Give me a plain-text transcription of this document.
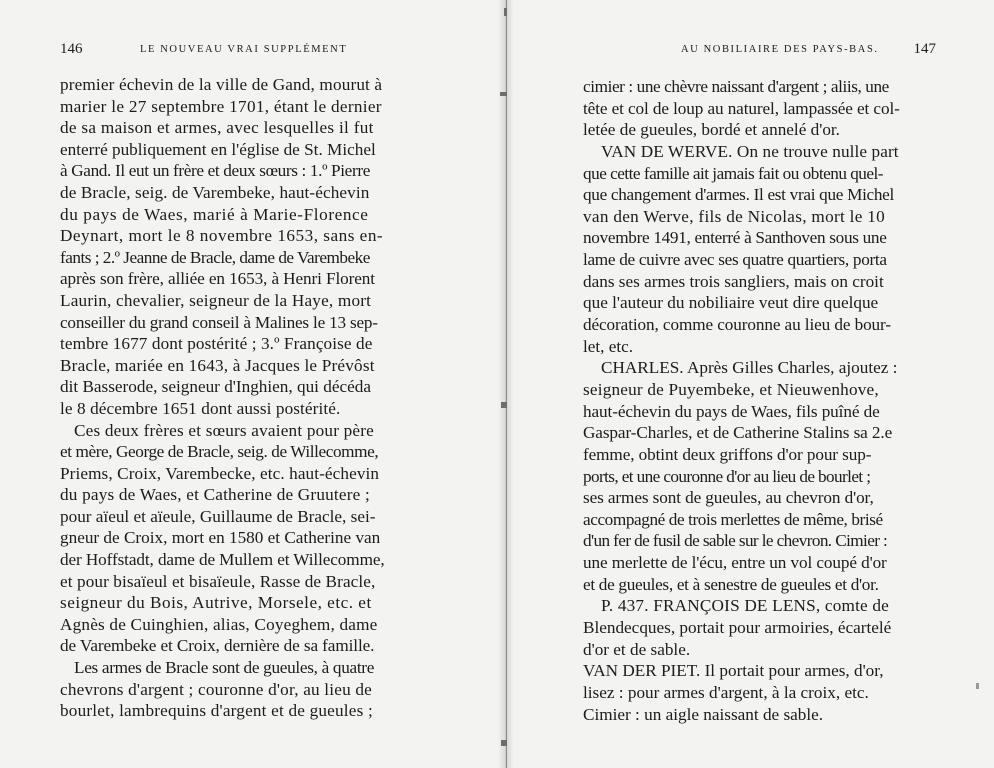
146	LE NOUVEAU VRAI SUPPLÉMENT
premier échevin de la ville de Gand, mourut à
marier le 27 septembre 1701, étant le dernier
de sa maison et armes, avec lesquelles il fut
enterré publiquement en l'église de St. Michel
à Gand. Il eut un frère et deux sœurs : 1.º Pierre
de Bracle, seig. de Varembeke, haut-échevin
du pays de Waes, marié à Marie-Florence
Deynart, mort le 8 novembre 1653, sans en-
fants ; 2.º Jeanne de Bracle, dame de Varembeke
après son frère, alliée en 1653, à Henri Florent
Laurin, chevalier, seigneur de la Haye, mort
conseiller du grand conseil à Malines le 13 sep-
tembre 1677 dont postérité ; 3.º Françoise de
Bracle, mariée en 1643, à Jacques le Prévôst
dit Basserode, seigneur d'Inghien, qui décéda
le 8 décembre 1651 dont aussi postérité.
Ces deux frères et sœurs avaient pour père
et mère, George de Bracle, seig. de Willecomme,
Priems, Croix, Varembecke, etc. haut-échevin
du pays de Waes, et Catherine de Gruutere ;
pour aïeul et aïeule, Guillaume de Bracle, sei-
gneur de Croix, mort en 1580 et Catherine van
der Hoffstadt, dame de Mullem et Willecomme,
et pour bisaïeul et bisaïeule, Rasse de Bracle,
seigneur du Bois, Autrive, Morsele, etc. et
Agnès de Cuinghien, alias, Coyeghem, dame
de Varembeke et Croix, dernière de sa famille.
Les armes de Bracle sont de gueules, à quatre
chevrons d'argent ; couronne d'or, au lieu de
bourlet, lambrequins d'argent et de gueules ;
AU NOBILIAIRE DES PAYS-BAS. 147
cimier : une chèvre naissant d'argent ; aliis, une
tête et col de loup au naturel, lampassée et col-
letée de gueules, bordé et annelé d'or.
VAN DE WERVE. On ne trouve nulle part
que cette famille ait jamais fait ou obtenu quel-
que changement d'armes. Il est vrai que Michel
van den Werve, fils de Nicolas, mort le 10
novembre 1491, enterré à Santhoven sous une
lame de cuivre avec ses quatre quartiers, porta
dans ses armes trois sangliers, mais on croit
que l'auteur du nobiliaire veut dire quelque
décoration, comme couronne au lieu de bour-
let, etc.
CHARLES. Après Gilles Charles, ajoutez :
seigneur de Puyembeke, et Nieuwenhove,
haut-échevin du pays de Waes, fils puîné de
Gaspar-Charles, et de Catherine Stalins sa 2.e
femme, obtint deux griffons d'or pour sup-
ports, et une couronne d'or au lieu de bourlet ;
ses armes sont de gueules, au chevron d'or,
accompagné de trois merlettes de même, brisé
d'un fer de fusil de sable sur le chevron. Cimier :
une merlette de l'écu, entre un vol coupé d'or
et de gueules, et à senestre de gueules et d'or.
P. 437. FRANÇOIS DE LENS, comte de
Blendecques, portait pour armoiries, écartelé
d'or et de sable.
VAN DER PIET. Il portait pour armes, d'or,
lisez : pour armes d'argent, à la croix, etc.
Cimier : un aigle naissant de sable.
